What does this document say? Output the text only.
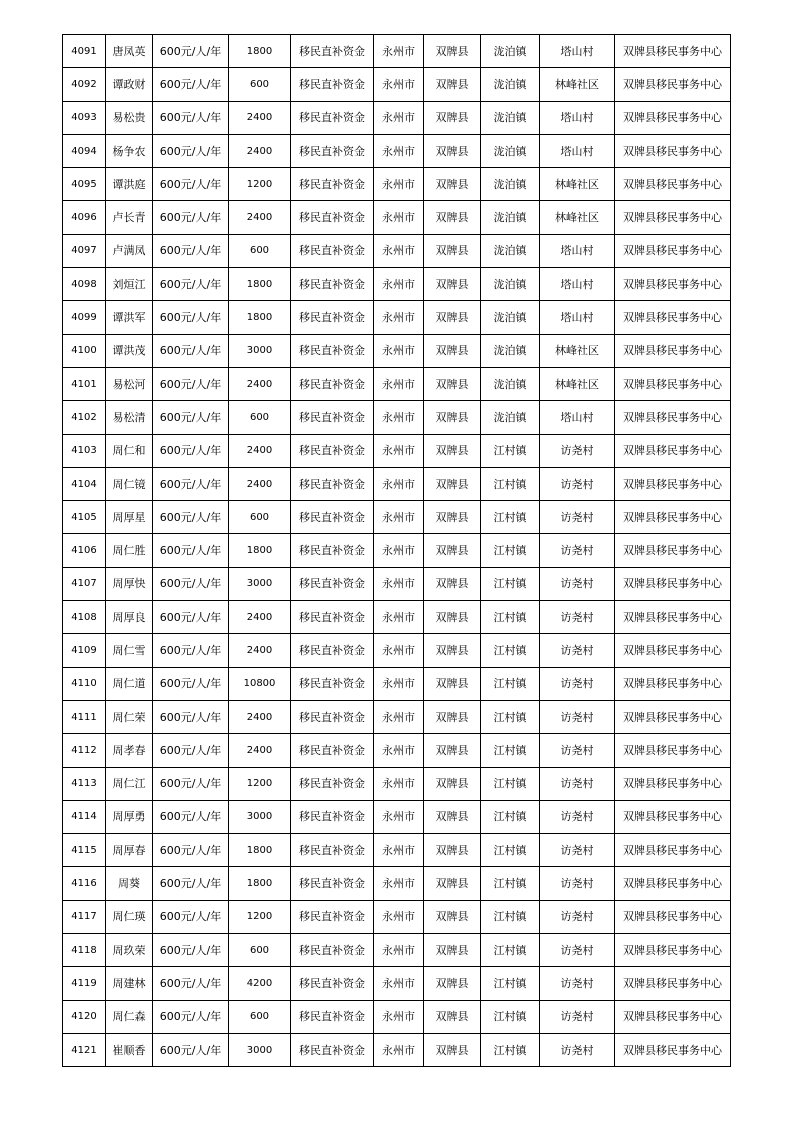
4091	唐凤英	600元/人/年	1800	移民直补资金	永州市	双牌县	泷泊镇	塔山村	双牌县移民事务中心
4092	谭政财	600元/人/年	600	移民直补资金	永州市	双牌县	泷泊镇	林峰社区	双牌县移民事务中心
4093	易松贵	600元/人/年	2400	移民直补资金	永州市	双牌县	泷泊镇	塔山村	双牌县移民事务中心
4094	杨争农	600元/人/年	2400	移民直补资金	永州市	双牌县	泷泊镇	塔山村	双牌县移民事务中心
4095	谭洪庭	600元/人/年	1200	移民直补资金	永州市	双牌县	泷泊镇	林峰社区	双牌县移民事务中心
4096	卢长青	600元/人/年	2400	移民直补资金	永州市	双牌县	泷泊镇	林峰社区	双牌县移民事务中心
4097	卢满凤	600元/人/年	600	移民直补资金	永州市	双牌县	泷泊镇	塔山村	双牌县移民事务中心
4098	刘烜江	600元/人/年	1800	移民直补资金	永州市	双牌县	泷泊镇	塔山村	双牌县移民事务中心
4099	谭洪军	600元/人/年	1800	移民直补资金	永州市	双牌县	泷泊镇	塔山村	双牌县移民事务中心
4100	谭洪茂	600元/人/年	3000	移民直补资金	永州市	双牌县	泷泊镇	林峰社区	双牌县移民事务中心
4101	易松河	600元/人/年	2400	移民直补资金	永州市	双牌县	泷泊镇	林峰社区	双牌县移民事务中心
4102	易松清	600元/人/年	600	移民直补资金	永州市	双牌县	泷泊镇	塔山村	双牌县移民事务中心
4103	周仁和	600元/人/年	2400	移民直补资金	永州市	双牌县	江村镇	访尧村	双牌县移民事务中心
4104	周仁镜	600元/人/年	2400	移民直补资金	永州市	双牌县	江村镇	访尧村	双牌县移民事务中心
4105	周厚星	600元/人/年	600	移民直补资金	永州市	双牌县	江村镇	访尧村	双牌县移民事务中心
4106	周仁胜	600元/人/年	1800	移民直补资金	永州市	双牌县	江村镇	访尧村	双牌县移民事务中心
4107	周厚快	600元/人/年	3000	移民直补资金	永州市	双牌县	江村镇	访尧村	双牌县移民事务中心
4108	周厚良	600元/人/年	2400	移民直补资金	永州市	双牌县	江村镇	访尧村	双牌县移民事务中心
4109	周仁雪	600元/人/年	2400	移民直补资金	永州市	双牌县	江村镇	访尧村	双牌县移民事务中心
4110	周仁道	600元/人/年	10800	移民直补资金	永州市	双牌县	江村镇	访尧村	双牌县移民事务中心
4111	周仁荣	600元/人/年	2400	移民直补资金	永州市	双牌县	江村镇	访尧村	双牌县移民事务中心
4112	周孝春	600元/人/年	2400	移民直补资金	永州市	双牌县	江村镇	访尧村	双牌县移民事务中心
4113	周仁江	600元/人/年	1200	移民直补资金	永州市	双牌县	江村镇	访尧村	双牌县移民事务中心
4114	周厚勇	600元/人/年	3000	移民直补资金	永州市	双牌县	江村镇	访尧村	双牌县移民事务中心
4115	周厚春	600元/人/年	1800	移民直补资金	永州市	双牌县	江村镇	访尧村	双牌县移民事务中心
4116	周葵	600元/人/年	1800	移民直补资金	永州市	双牌县	江村镇	访尧村	双牌县移民事务中心
4117	周仁瑛	600元/人/年	1200	移民直补资金	永州市	双牌县	江村镇	访尧村	双牌县移民事务中心
4118	周玖荣	600元/人/年	600	移民直补资金	永州市	双牌县	江村镇	访尧村	双牌县移民事务中心
4119	周建林	600元/人/年	4200	移民直补资金	永州市	双牌县	江村镇	访尧村	双牌县移民事务中心
4120	周仁森	600元/人/年	600	移民直补资金	永州市	双牌县	江村镇	访尧村	双牌县移民事务中心
4121	崔顺香	600元/人/年	3000	移民直补资金	永州市	双牌县	江村镇	访尧村	双牌县移民事务中心
